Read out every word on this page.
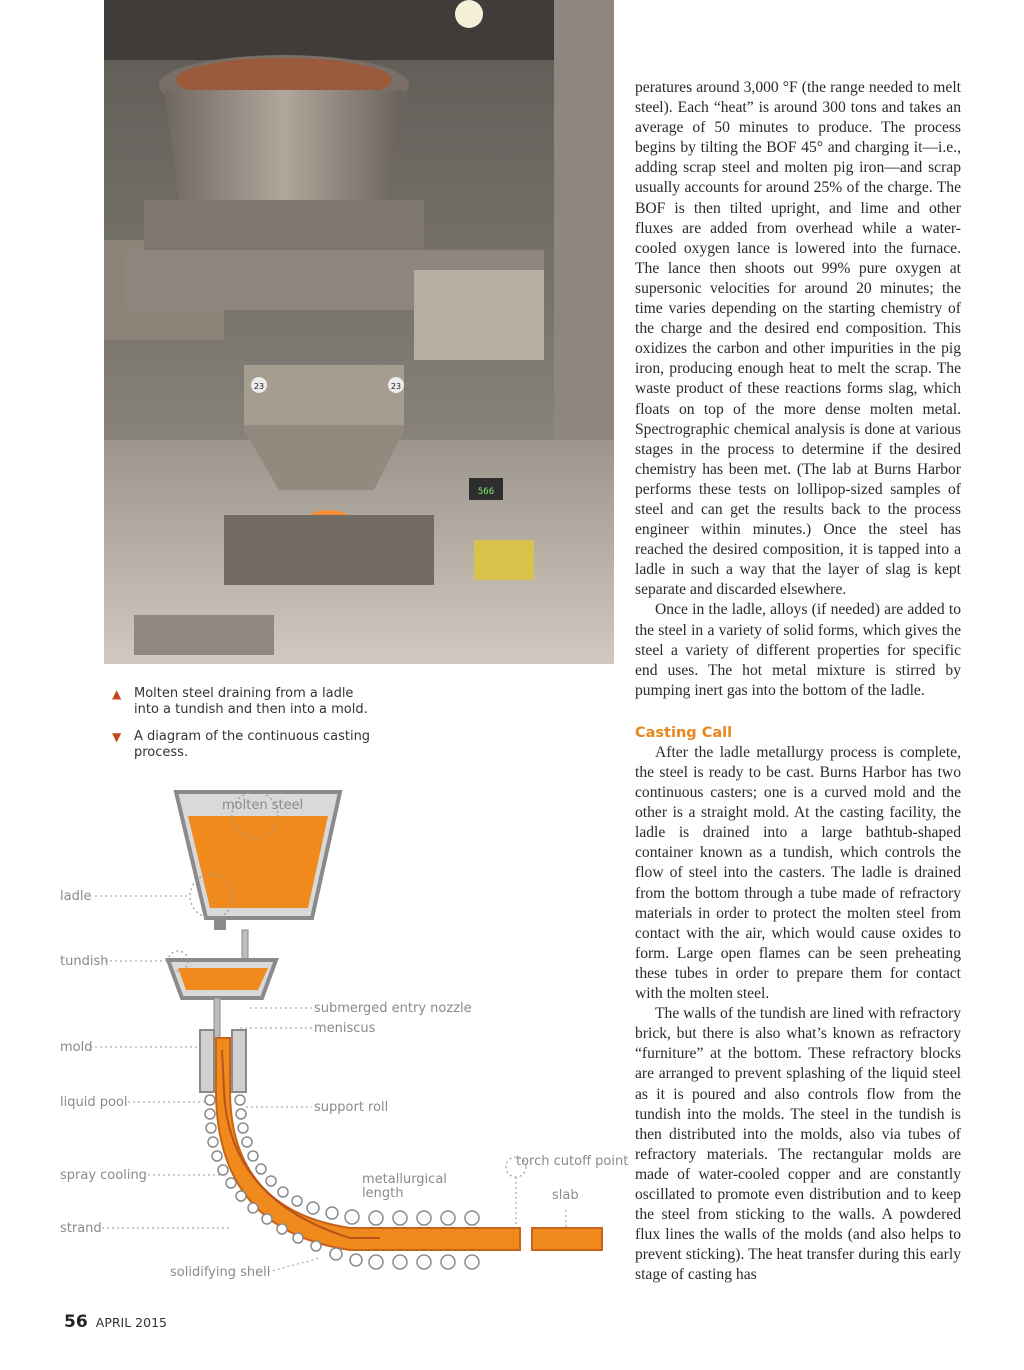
23	23
566
▲ Molten steel draining from a ladle into a tundish and then into a mold.
▼ A diagram of the continuous casting process.
molten steel
ladle
tundish
submerged entry nozzle
meniscus
mold
liquid pool	support roll
torch cutoff point
spray cooling	metallurgical
length	slab
strand
solidifying shell

peratures around 3,000 °F (the range needed to melt steel). Each “heat” is around 300 tons and takes an average of 50 minutes to produce. The process begins by tilting the BOF 45° and charging it—i.e., adding scrap steel and molten pig iron—and scrap usually accounts for around 25% of the charge. The BOF is then tilted upright, and lime and other fluxes are added from overhead while a water-cooled oxygen lance is lowered into the furnace. The lance then shoots out 99% pure oxygen at supersonic velocities for around 20 minutes; the time varies depending on the starting chemistry of the charge and the desired end composition. This oxidizes the carbon and other impurities in the pig iron, producing enough heat to melt the scrap. The waste product of these reactions forms slag, which floats on top of the more dense molten metal. Spectrographic chemical analysis is done at various stages in the process to determine if the desired chemistry has been met. (The lab at Burns Harbor performs these tests on lollipop-sized samples of steel and can get the results back to the process engineer within minutes.) Once the steel has reached the desired composition, it is tapped into a ladle in such a way that the layer of slag is kept separate and discarded elsewhere.

Once in the ladle, alloys (if needed) are added to the steel in a variety of solid forms, which gives the steel a variety of different properties for specific end uses. The hot metal mixture is stirred by pumping inert gas into the bottom of the ladle.

Casting Call

After the ladle metallurgy process is complete, the steel is ready to be cast. Burns Harbor has two continuous casters; one is a curved mold and the other is a straight mold. At the casting facility, the ladle is drained into a large bathtub-shaped container known as a tundish, which controls the flow of steel into the casters. The ladle is drained from the bottom through a tube made of refractory materials in order to protect the molten steel from contact with the air, which would cause oxides to form. Large open flames can be seen preheating these tubes in order to prepare them for contact with the molten steel.

The walls of the tundish are lined with refractory brick, but there is also what’s known as refractory “furniture” at the bottom. These refractory blocks are arranged to prevent splashing of the liquid steel as it is poured and also controls flow from the tundish into the molds. The steel in the tundish is then distributed into the molds, also via tubes of refractory materials. The rectangular molds are made of water-cooled copper and are constantly oscillated to promote even distribution and to keep the steel from sticking to the walls. A powdered flux lines the walls of the molds (and also helps to prevent sticking). The heat transfer during this early stage of casting has

56 APRIL 2015
